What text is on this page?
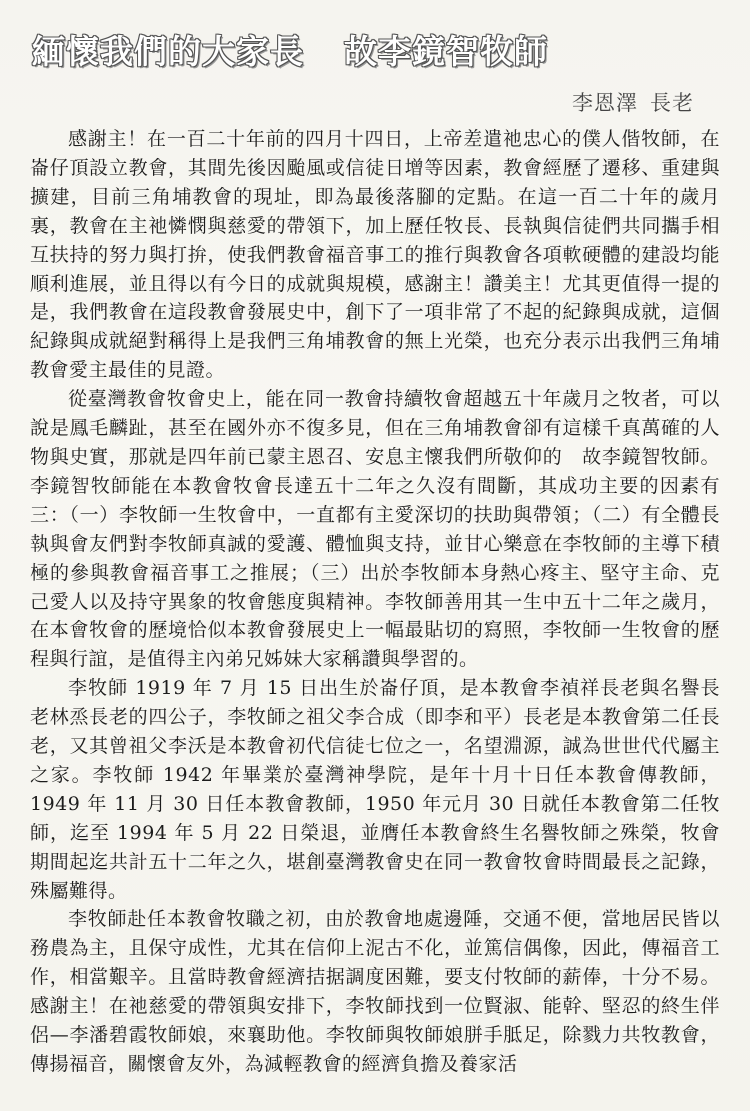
緬懷我們的大家長 故李鏡智牧師
李恩澤 長老

感謝主！在一百二十年前的四月十四日，上帝差遣祂忠心的僕人偕牧師，在崙仔頂設立教會，其間先後因颱風或信徒日增等因素，教會經歷了遷移、重建與擴建，目前三角埔教會的現址，即為最後落腳的定點。在這一百二十年的歲月裏，教會在主祂憐憫與慈愛的帶領下，加上歷任牧長、長執與信徒們共同攜手相互扶持的努力與打拚，使我們教會福音事工的推行與教會各項軟硬體的建設均能順利進展，並且得以有今日的成就與規模，感謝主！讚美主！尤其更值得一提的是，我們教會在這段教會發展史中，創下了一項非常了不起的紀錄與成就，這個紀錄與成就絕對稱得上是我們三角埔教會的無上光榮，也充分表示出我們三角埔教會愛主最佳的見證。

從臺灣教會牧會史上，能在同一教會持續牧會超越五十年歲月之牧者，可以說是鳳毛麟趾，甚至在國外亦不復多見，但在三角埔教會卻有這樣千真萬確的人物與史實，那就是四年前已蒙主恩召、安息主懷我們所敬仰的　故李鏡智牧師。李鏡智牧師能在本教會牧會長達五十二年之久沒有間斷，其成功主要的因素有三：（一）李牧師一生牧會中，一直都有主愛深切的扶助與帶領；（二）有全體長執與會友們對李牧師真誠的愛護、體恤與支持，並甘心樂意在李牧師的主導下積極的參與教會福音事工之推展；（三）出於李牧師本身熱心疼主、堅守主命、克己愛人以及持守異象的牧會態度與精神。李牧師善用其一生中五十二年之歲月，在本會牧會的歷境恰似本教會發展史上一幅最貼切的寫照，李牧師一生牧會的歷程與行誼，是值得主內弟兄姊妹大家稱讚與學習的。

李牧師 1919 年 7 月 15 日出生於崙仔頂，是本教會李禎祥長老與名譽長老林烝長老的四公子，李牧師之祖父李合成（即李和平）長老是本教會第二任長老，又其曾祖父李沃是本教會初代信徒七位之一，名望淵源，誠為世世代代屬主之家。李牧師 1942 年畢業於臺灣神學院，是年十月十日任本教會傳教師，1949 年 11 月 30 日任本教會教師，1950 年元月 30 日就任本教會第二任牧師，迄至 1994 年 5 月 22 日榮退，並膺任本教會終生名譽牧師之殊榮，牧會期間起迄共計五十二年之久，堪創臺灣教會史在同一教會牧會時間最長之記錄，殊屬難得。

李牧師赴任本教會牧職之初，由於教會地處邊陲，交通不便，當地居民皆以務農為主，且保守成性，尤其在信仰上泥古不化，並篤信偶像，因此，傳福音工作，相當艱辛。且當時教會經濟拮据調度困難，要支付牧師的薪俸，十分不易。感謝主！在祂慈愛的帶領與安排下，李牧師找到一位賢淑、能幹、堅忍的終生伴侶—李潘碧霞牧師娘，來襄助他。李牧師與牧師娘胼手胝足，除戮力共牧教會，傳揚福音，關懷會友外，為減輕教會的經濟負擔及養家活
